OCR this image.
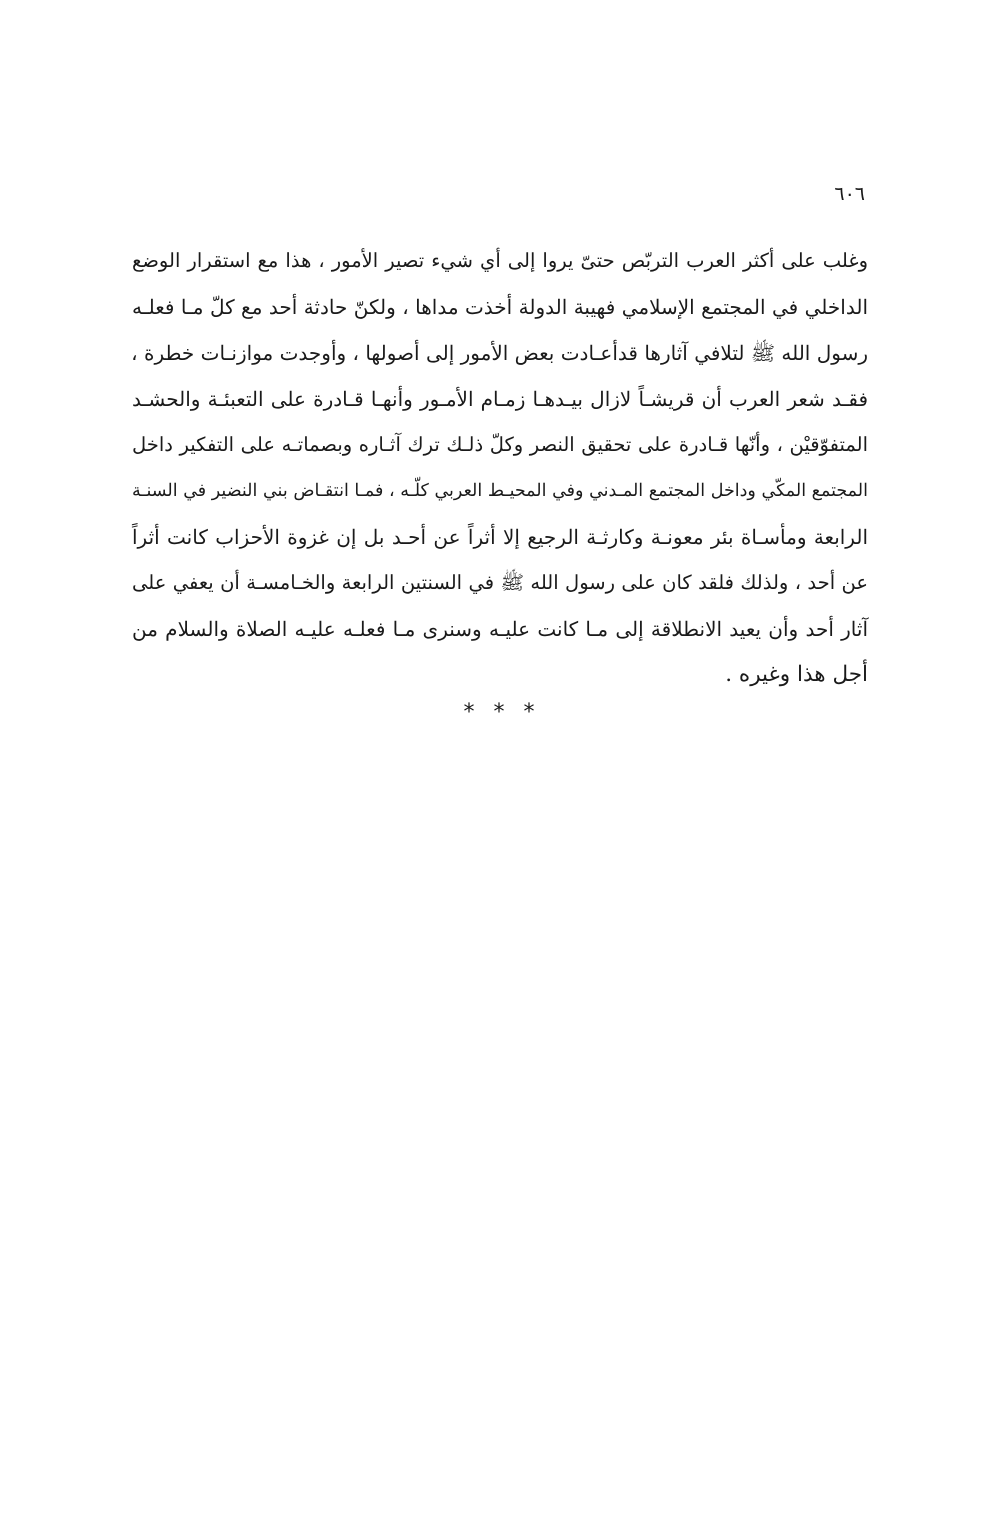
٦٠٦
وغلب على أكثر العرب التربّص حتىّ يروا إلى أي شيء تصير الأمور ، هذا مع استقرار الوضع
الداخلي في المجتمع الإسلامي فهيبة الدولة أخذت مداها ، ولكنّ حادثة أحد مع كلّ مـا فعلـه
رسول الله ﷺ لتلافي آثارها قدأعـادت بعض الأمور إلى أصولها ، وأوجدت موازنـات خطرة ،
فقـد شعر العرب أن قريشـاً لازال بيـدهـا زمـام الأمـور وأنهـا قـادرة على التعبئـة والحشـد
المتفوّقيْن ، وأنّها قـادرة على تحقيق النصر وكلّ ذلـك ترك آثـاره وبصماتـه على التفكير داخل
المجتمع المكّي وداخل المجتمع المـدني وفي المحيـط العربي كلّـه ، فمـا انتقـاض بني النضير في السنـة
الرابعة ومأسـاة بئر معونـة وكارثـة الرجيع إلا أثراً عن أحـد بل إن غزوة الأحزاب كانت أثراً
عن أحد ، ولذلك فلقد كان على رسول الله ﷺ في السنتين الرابعة والخـامسـة أن يعفي على
آثار أحد وأن يعيد الانطلاقة إلى مـا كانت عليـه وسنرى مـا فعلـه عليـه الصلاة والسلام من
أجل هذا وغيره .
* * *
